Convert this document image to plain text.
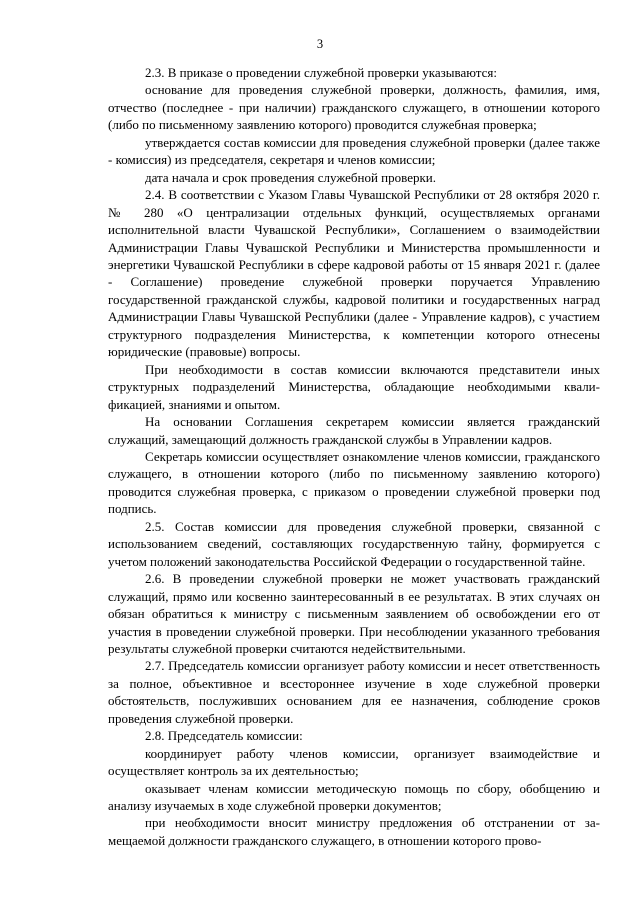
3

2.3. В приказе о проведении служебной проверки указываются:

основание для проведения служебной проверки, должность, фамилия, имя, отчество (последнее - при наличии) гражданского служащего, в отношении которого (либо по письменному заявлению которого) проводится служебная проверка;

утверждается состав комиссии для проведения служебной проверки (далее также - комиссия) из председателя, секретаря и членов комиссии;

дата начала и срок проведения служебной проверки.

2.4. В соответствии с Указом Главы Чувашской Республики от 28 октября 2020 г. № 280 «О централизации отдельных функций, осуществляемых органами исполнительной власти Чувашской Республики», Соглашением о взаимодействии Администрации Главы Чувашской Республики и Министерства промышленности и энергетики Чувашской Республики в сфере кадровой работы от 15 января 2021 г. (далее - Соглашение) проведение служебной проверки поручается Управлению государственной гражданской службы, кадровой политики и государственных наград Администрации Главы Чувашской Республики (далее - Управление кадров), с участием структурного подразделения Министерства, к компетенции которого отнесены юридические (правовые) вопросы.

При необходимости в состав комиссии включаются представители иных структурных подразделений Министерства, обладающие необходимыми квалификацией, знаниями и опытом.

На основании Соглашения секретарем комиссии является гражданский служащий, замещающий должность гражданской службы в Управлении кадров.

Секретарь комиссии осуществляет ознакомление членов комиссии, гражданского служащего, в отношении которого (либо по письменному заявлению которого) проводится служебная проверка, с приказом о проведении служебной проверки под подпись.

2.5. Состав комиссии для проведения служебной проверки, связанной с использованием сведений, составляющих государственную тайну, формируется с учетом положений законодательства Российской Федерации о государственной тайне.

2.6. В проведении служебной проверки не может участвовать гражданский служащий, прямо или косвенно заинтересованный в ее результатах. В этих случаях он обязан обратиться к министру с письменным заявлением об освобождении его от участия в проведении служебной проверки. При несоблюдении указанного требования результаты служебной проверки считаются недействительными.

2.7. Председатель комиссии организует работу комиссии и несет ответственность за полное, объективное и всестороннее изучение в ходе служебной проверки обстоятельств, послуживших основанием для ее назначения, соблюдение сроков проведения служебной проверки.

2.8. Председатель комиссии:

координирует работу членов комиссии, организует взаимодействие и осуществляет контроль за их деятельностью;

оказывает членам комиссии методическую помощь по сбору, обобщению и анализу изучаемых в ходе служебной проверки документов;

при необходимости вносит министру предложения об отстранении от замещаемой должности гражданского служащего, в отношении которого прово-
